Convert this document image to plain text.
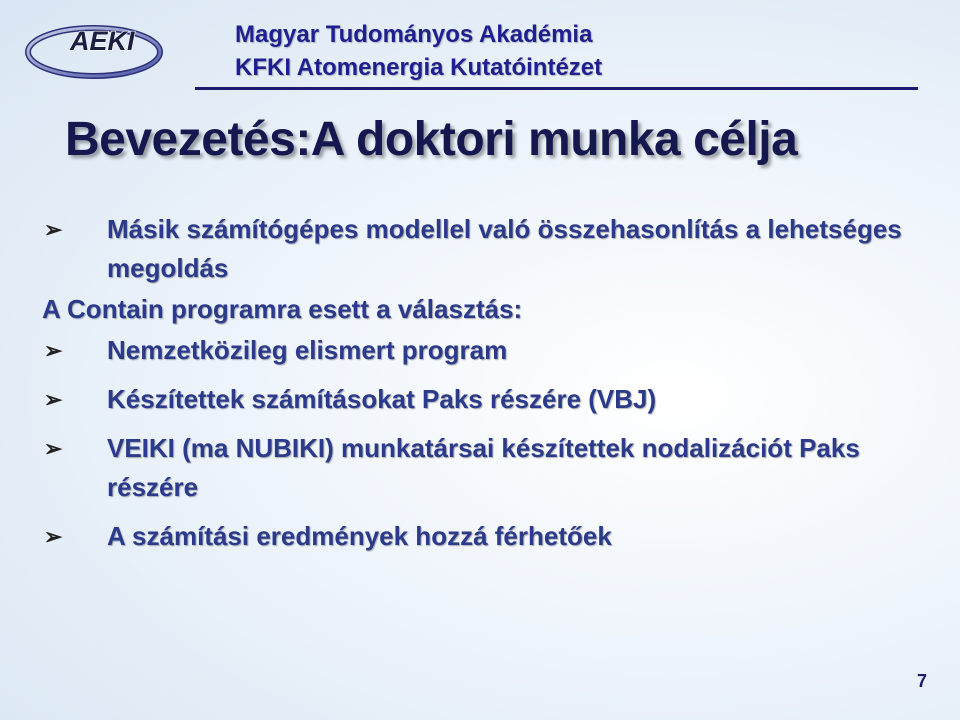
AEKI	Magyar Tudományos Akadémia
KFKI Atomenergia Kutatóintézet
Bevezetés:A doktori munka célja
➢ Másik számítógépes modellel való összehasonlítás a lehetséges megoldás
A Contain programra esett a választás:
➢ Nemzetközileg elismert program
➢ Készítettek számításokat Paks részére (VBJ)
➢ VEIKI (ma NUBIKI) munkatársai készítettek nodalizációt Paks részére
➢ A számítási eredmények hozzá férhetőek
7
